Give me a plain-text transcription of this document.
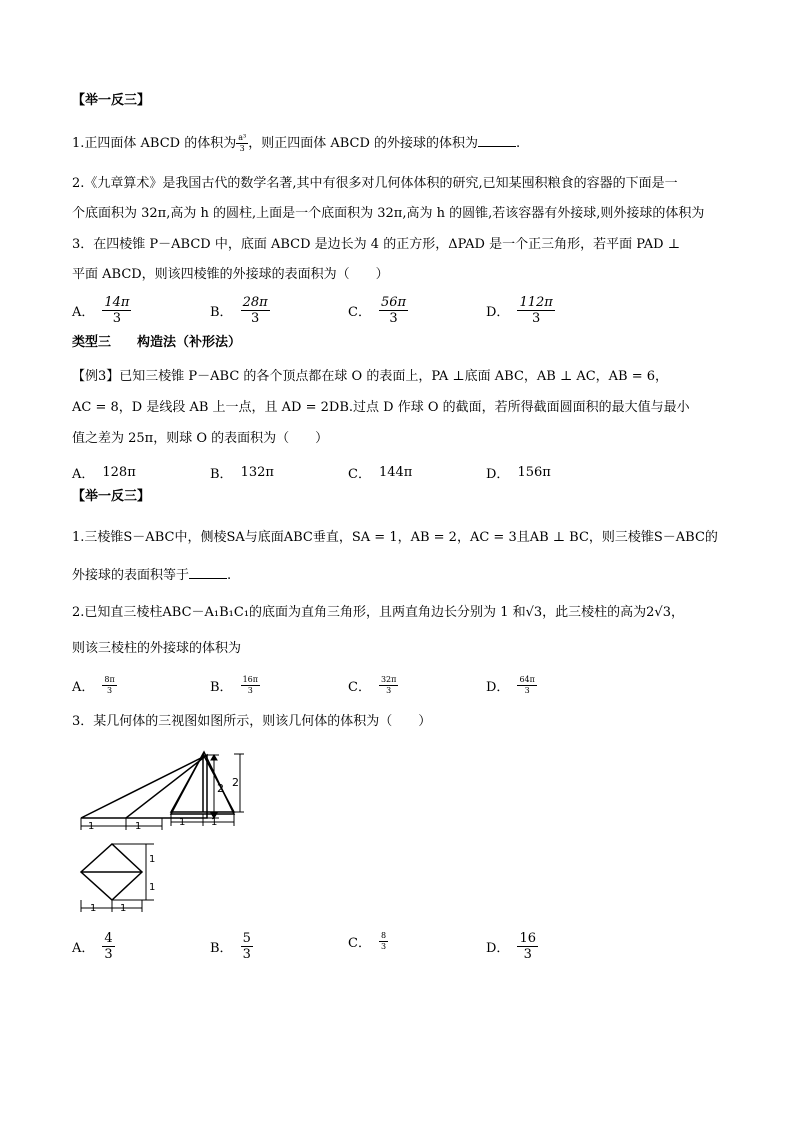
【举一反三】
1.正四面体 ABCD 的体积为 $\frac{\text{a³}}{3}$ ，则正四面体 ABCD 的外接球的体积为	.
2.《九章算术》是我国古代的数学名著,其中有很多对几何体体积的研究,已知某囤积粮食的容器的下面是一
个底面积为 32π,高为 h 的圆柱,上面是一个底面积为 32π,高为 h 的圆锥,若该容器有外接球,则外接球的体积为
3．在四棱锥 P－ABCD 中，底面 ABCD 是边长为 4 的正方形，ΔPAD 是一个正三角形，若平面 PAD ⊥
平面 ABCD，则该四棱锥的外接球的表面积为（　　）
A． $\frac{14\pi}{3}$	B． $\frac{28\pi}{3}$	C． $\frac{56\pi}{3}$	D． $\frac{112\pi}{3}$
类型三　　构造法（补形法）
【例3】已知三棱锥 P－ABC 的各个顶点都在球 O 的表面上，PA ⊥底面 ABC，AB ⊥ AC，AB = 6，
AC = 8，D 是线段 AB 上一点，且 AD = 2DB.过点 D 作球 O 的截面，若所得截面圆面积的最大值与最小
值之差为 25π，则球 O 的表面积为（　　）
A． 128π	B． 132π	C． 144π	D． 156π
【举一反三】
1.三棱锥S－ABC中，侧棱SA与底面ABC垂直，SA = 1，AB = 2，AC = 3且AB ⊥ BC，则三棱锥S－ABC的
外接球的表面积等于	.
2.已知直三棱柱ABC－A₁B₁C₁的底面为直角三角形，且两直角边长分别为 1 和√3，此三棱柱的高为2√3，
则该三棱柱的外接球的体积为
A． $\frac{8\pi}{3}$	B． $\frac{16\pi}{3}$	C． $\frac{32\pi}{3}$	D． $\frac{64\pi}{3}$
3．某几何体的三视图如图所示，则该几何体的体积为（　　）
2
1	1
1
1
1 1
2
1	1
A． $\frac{4}{3}$	B． $\frac{5}{3}$	C． $\frac{8}{3}$	D． $\frac{16}{3}$
